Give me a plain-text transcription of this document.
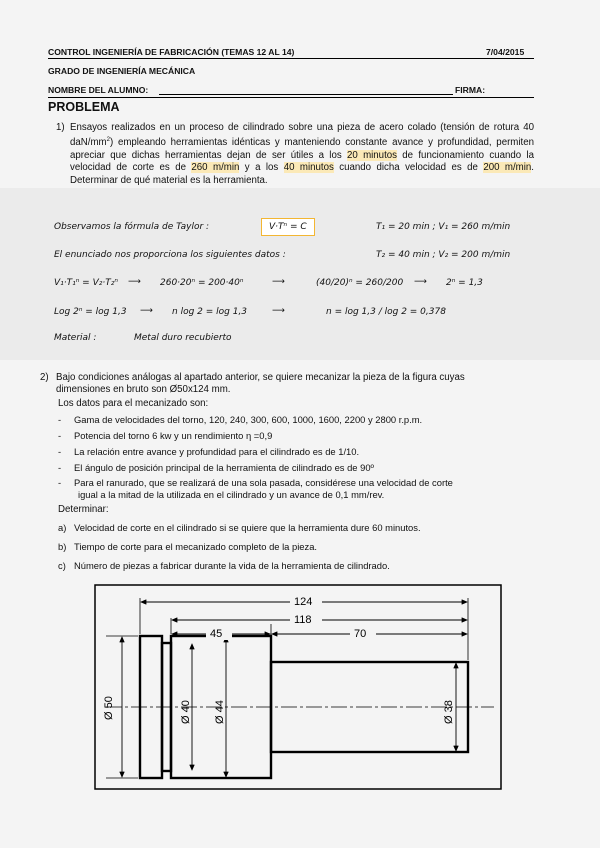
CONTROL INGENIERÍA DE FABRICACIÓN (TEMAS 12 AL 14)	7/04/2015
GRADO DE INGENIERÍA MECÁNICA
NOMBRE DEL ALUMNO:	FIRMA:
PROBLEMA
1) Ensayos realizados en un proceso de cilindrado sobre una pieza de acero colado (tensión de rotura 40 daN/$mm^2$) empleando herramientas idénticas y manteniendo constante avance y profundidad, permiten apreciar que dichas herramientas dejan de ser útiles a los 20 minutos de funcionamiento cuando la velocidad de corte es de 260 m/min y a los 40 minutos cuando dicha velocidad es de 200 m/min. Determinar de qué material es la herramienta.
Observamos la fórmula de Taylor :	V·Tⁿ = C	T₁ = 20 min ; V₁ = 260 m/min
El enunciado nos proporciona los siguientes datos :	T₂ = 40 min ; V₂ = 200 m/min
V₁·T₁ⁿ = V₂·T₂ⁿ ⟶ 260·20ⁿ = 200·40ⁿ	⟶	(40/20)ⁿ = 260/200 ⟶ 2ⁿ = 1,3
Log 2ⁿ = log 1,3 ⟶ n log 2 = log 1,3	⟶	n = log 1,3 / log 2 = 0,378
Material :	Metal duro recubierto
2) Bajo condiciones análogas al apartado anterior, se quiere mecanizar la pieza de la figura cuyas
dimensiones en bruto son Ø50x124 mm.
Los datos para el mecanizado son:
- Gama de velocidades del torno, 120, 240, 300, 600, 1000, 1600, 2200 y 2800 r.p.m.
- Potencia del torno 6 kw y un rendimiento η =0,9
- La relación entre avance y profundidad para el cilindrado es de 1/10.
- El ángulo de posición principal de la herramienta de cilindrado es de 90º
- Para el ranurado, que se realizará de una sola pasada, considérese una velocidad de corte
igual a la mitad de la utilizada en el cilindrado y un avance de 0,1 mm/rev.
Determinar:
a) Velocidad de corte en el cilindrado si se quiere que la herramienta dure 60 minutos.
b) Tiempo de corte para el mecanizado completo de la pieza.
c) Número de piezas a fabricar durante la vida de la herramienta de cilindrado.
124
118
45	70
Ø 50	Ø 40 Ø 44	Ø 38
